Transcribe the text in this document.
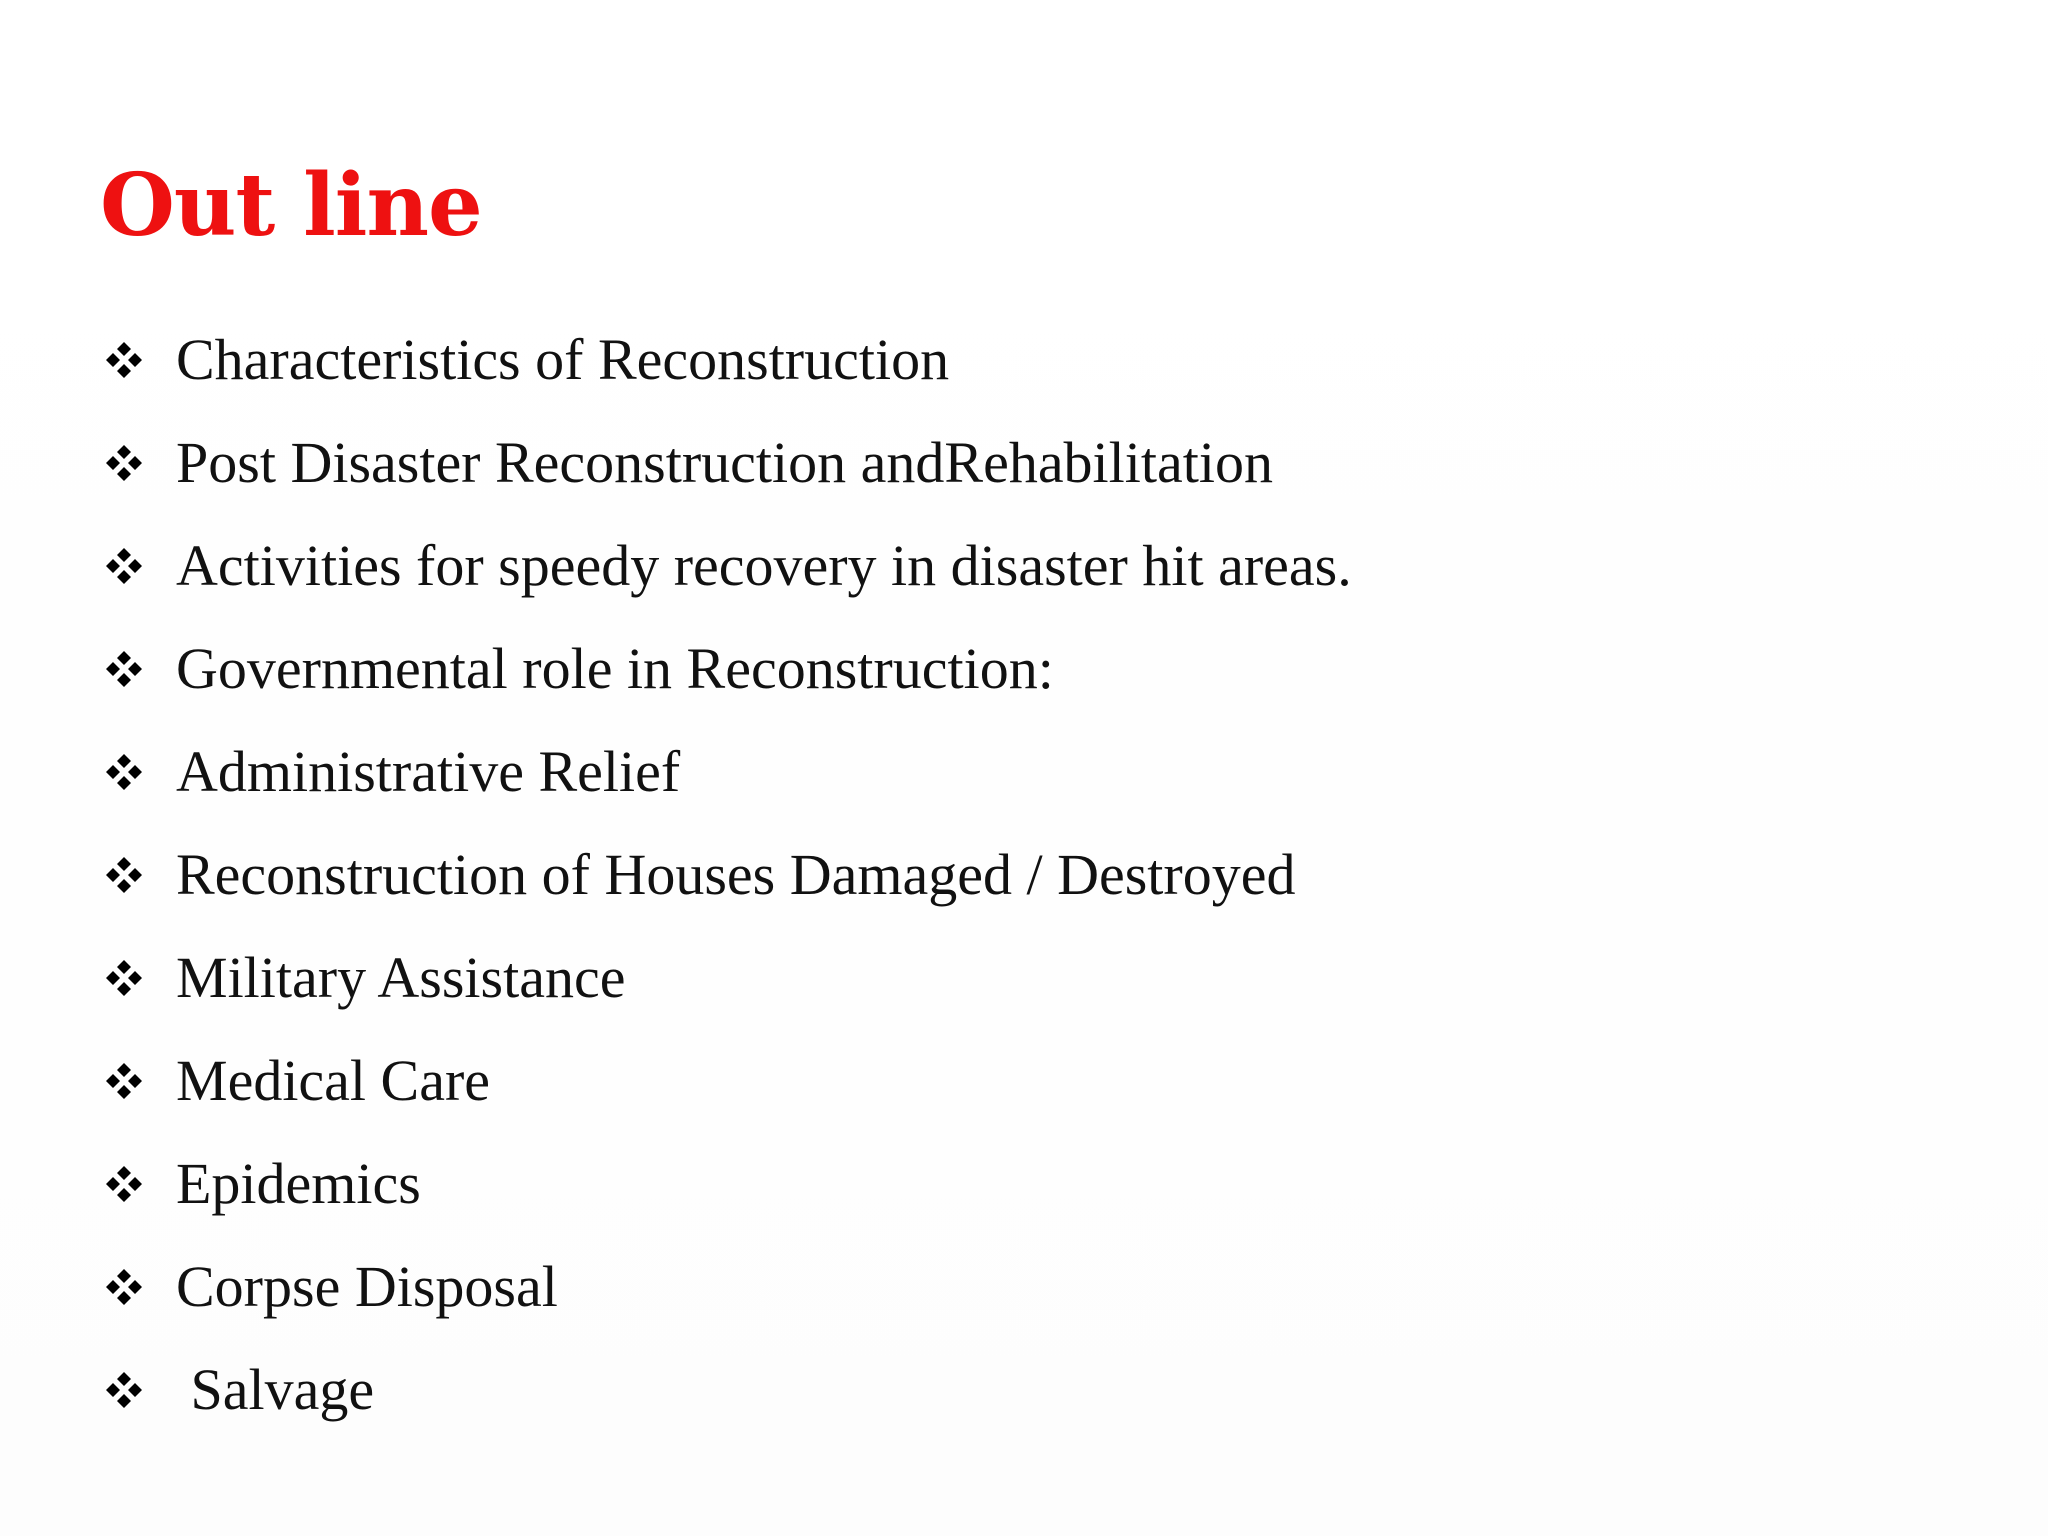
Out line
Characteristics of Reconstruction
Post Disaster Reconstruction andRehabilitation
Activities for speedy recovery in disaster hit areas.
Governmental role in Reconstruction:
Administrative Relief
Reconstruction of Houses Damaged / Destroyed
Military Assistance
Medical Care
Epidemics
Corpse Disposal
Salvage
